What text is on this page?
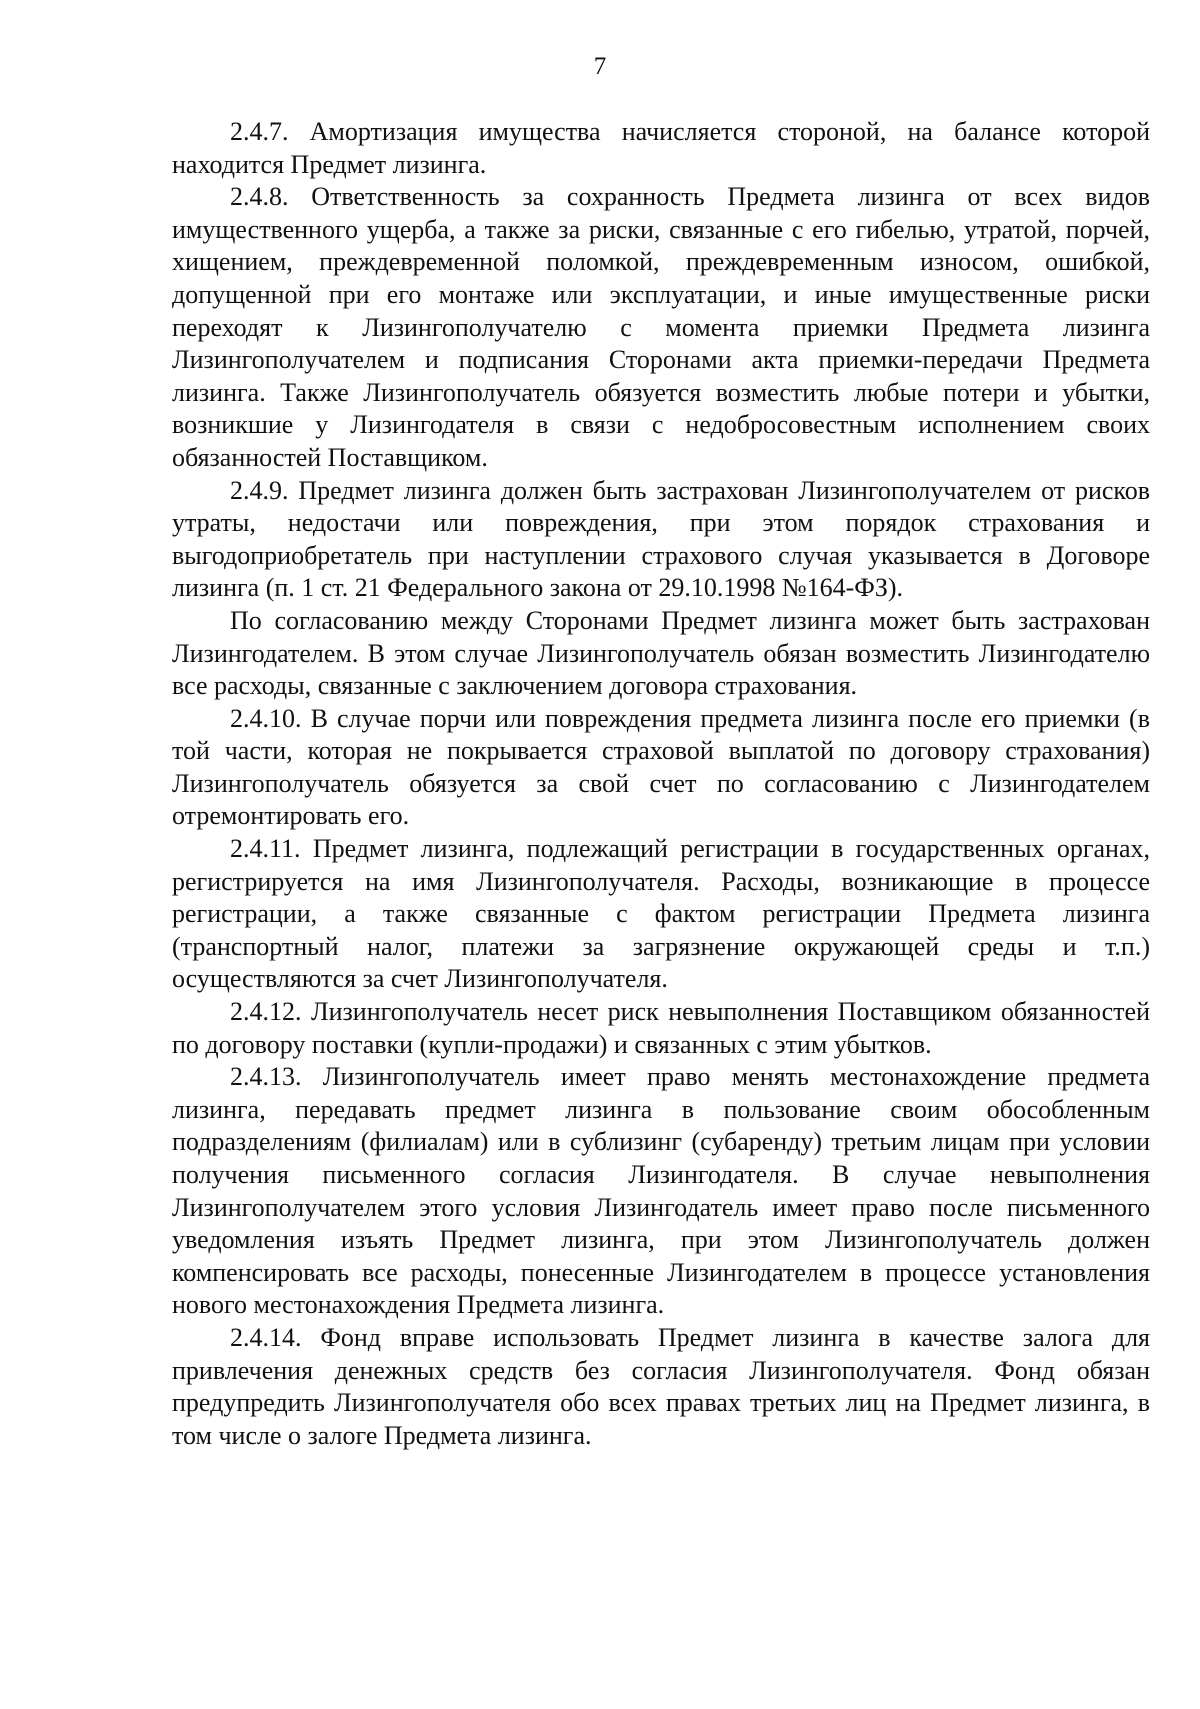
7

2.4.7. Амортизация имущества начисляется стороной, на балансе которой находится Предмет лизинга.

2.4.8. Ответственность за сохранность Предмета лизинга от всех видов имущественного ущерба, а также за риски, связанные с его гибелью, утратой, порчей, хищением, преждевременной поломкой, преждевременным износом, ошибкой, допущенной при его монтаже или эксплуатации, и иные имущественные риски переходят к Лизингополучателю с момента приемки Предмета лизинга Лизингополучателем и подписания Сторонами акта приемки-передачи Предмета лизинга. Также Лизингополучатель обязуется возместить любые потери и убытки, возникшие у Лизингодателя в связи с недобросовестным исполнением своих обязанностей Поставщиком.

2.4.9. Предмет лизинга должен быть застрахован Лизингополучателем от рисков утраты, недостачи или повреждения, при этом порядок страхования и выгодоприобретатель при наступлении страхового случая указывается в Договоре лизинга (п. 1 ст. 21 Федерального закона от 29.10.1998 №164-ФЗ).

По согласованию между Сторонами Предмет лизинга может быть застрахован Лизингодателем. В этом случае Лизингополучатель обязан возместить Лизингодателю все расходы, связанные с заключением договора страхования.

2.4.10. В случае порчи или повреждения предмета лизинга после его приемки (в той части, которая не покрывается страховой выплатой по договору страхования) Лизингополучатель обязуется за свой счет по согласованию с Лизингодателем отремонтировать его.

2.4.11. Предмет лизинга, подлежащий регистрации в государственных органах, регистрируется на имя Лизингополучателя. Расходы, возникающие в процессе регистрации, а также связанные с фактом регистрации Предмета лизинга (транспортный налог, платежи за загрязнение окружающей среды и т.п.) осуществляются за счет Лизингополучателя.

2.4.12. Лизингополучатель несет риск невыполнения Поставщиком обязанностей по договору поставки (купли-продажи) и связанных с этим убытков.

2.4.13. Лизингополучатель имеет право менять местонахождение предмета лизинга, передавать предмет лизинга в пользование своим обособленным подразделениям (филиалам) или в сублизинг (субаренду) третьим лицам при условии получения письменного согласия Лизингодателя. В случае невыполнения Лизингополучателем этого условия Лизингодатель имеет право после письменного уведомления изъять Предмет лизинга, при этом Лизингополучатель должен компенсировать все расходы, понесенные Лизингодателем в процессе установления нового местонахождения Предмета лизинга.

2.4.14. Фонд вправе использовать Предмет лизинга в качестве залога для привлечения денежных средств без согласия Лизингополучателя. Фонд обязан предупредить Лизингополучателя обо всех правах третьих лиц на Предмет лизинга, в том числе о залоге Предмета лизинга.
